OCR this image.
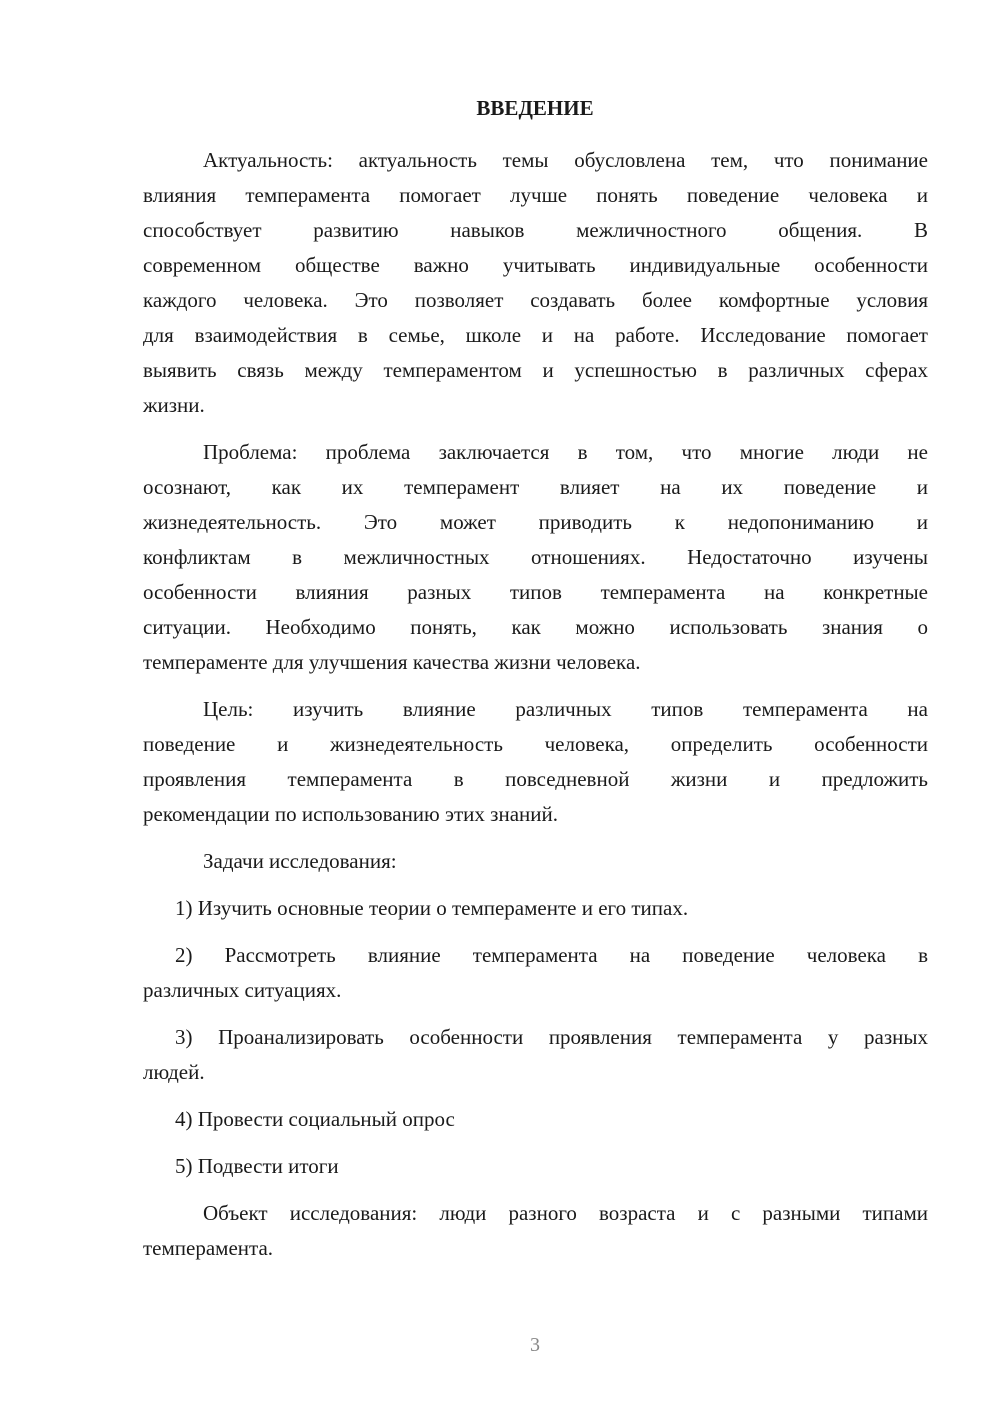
ВВЕДЕНИЕ
Актуальность: актуальность темы обусловлена тем, что понимание
влияния темперамента помогает лучше понять поведение человека и
способствует развитию навыков межличностного общения. В
современном обществе важно учитывать индивидуальные особенности
каждого человека. Это позволяет создавать более комфортные условия
для взаимодействия в семье, школе и на работе. Исследование помогает
выявить связь между темпераментом и успешностью в различных сферах
жизни.
Проблема: проблема заключается в том, что многие люди не
осознают, как их темперамент влияет на их поведение и
жизнедеятельность. Это может приводить к недопониманию и
конфликтам в межличностных отношениях. Недостаточно изучены
особенности влияния разных типов темперамента на конкретные
ситуации. Необходимо понять, как можно использовать знания о
темпераменте для улучшения качества жизни человека.
Цель: изучить влияние различных типов темперамента на
поведение и жизнедеятельность человека, определить особенности
проявления темперамента в повседневной жизни и предложить
рекомендации по использованию этих знаний.
Задачи исследования:
1) Изучить основные теории о темпераменте и его типах.
2) Рассмотреть влияние темперамента на поведение человека в
различных ситуациях.
3) Проанализировать особенности проявления темперамента у разных
людей.
4) Провести социальный опрос
5) Подвести итоги
Объект исследования: люди разного возраста и с разными типами
темперамента.
3
